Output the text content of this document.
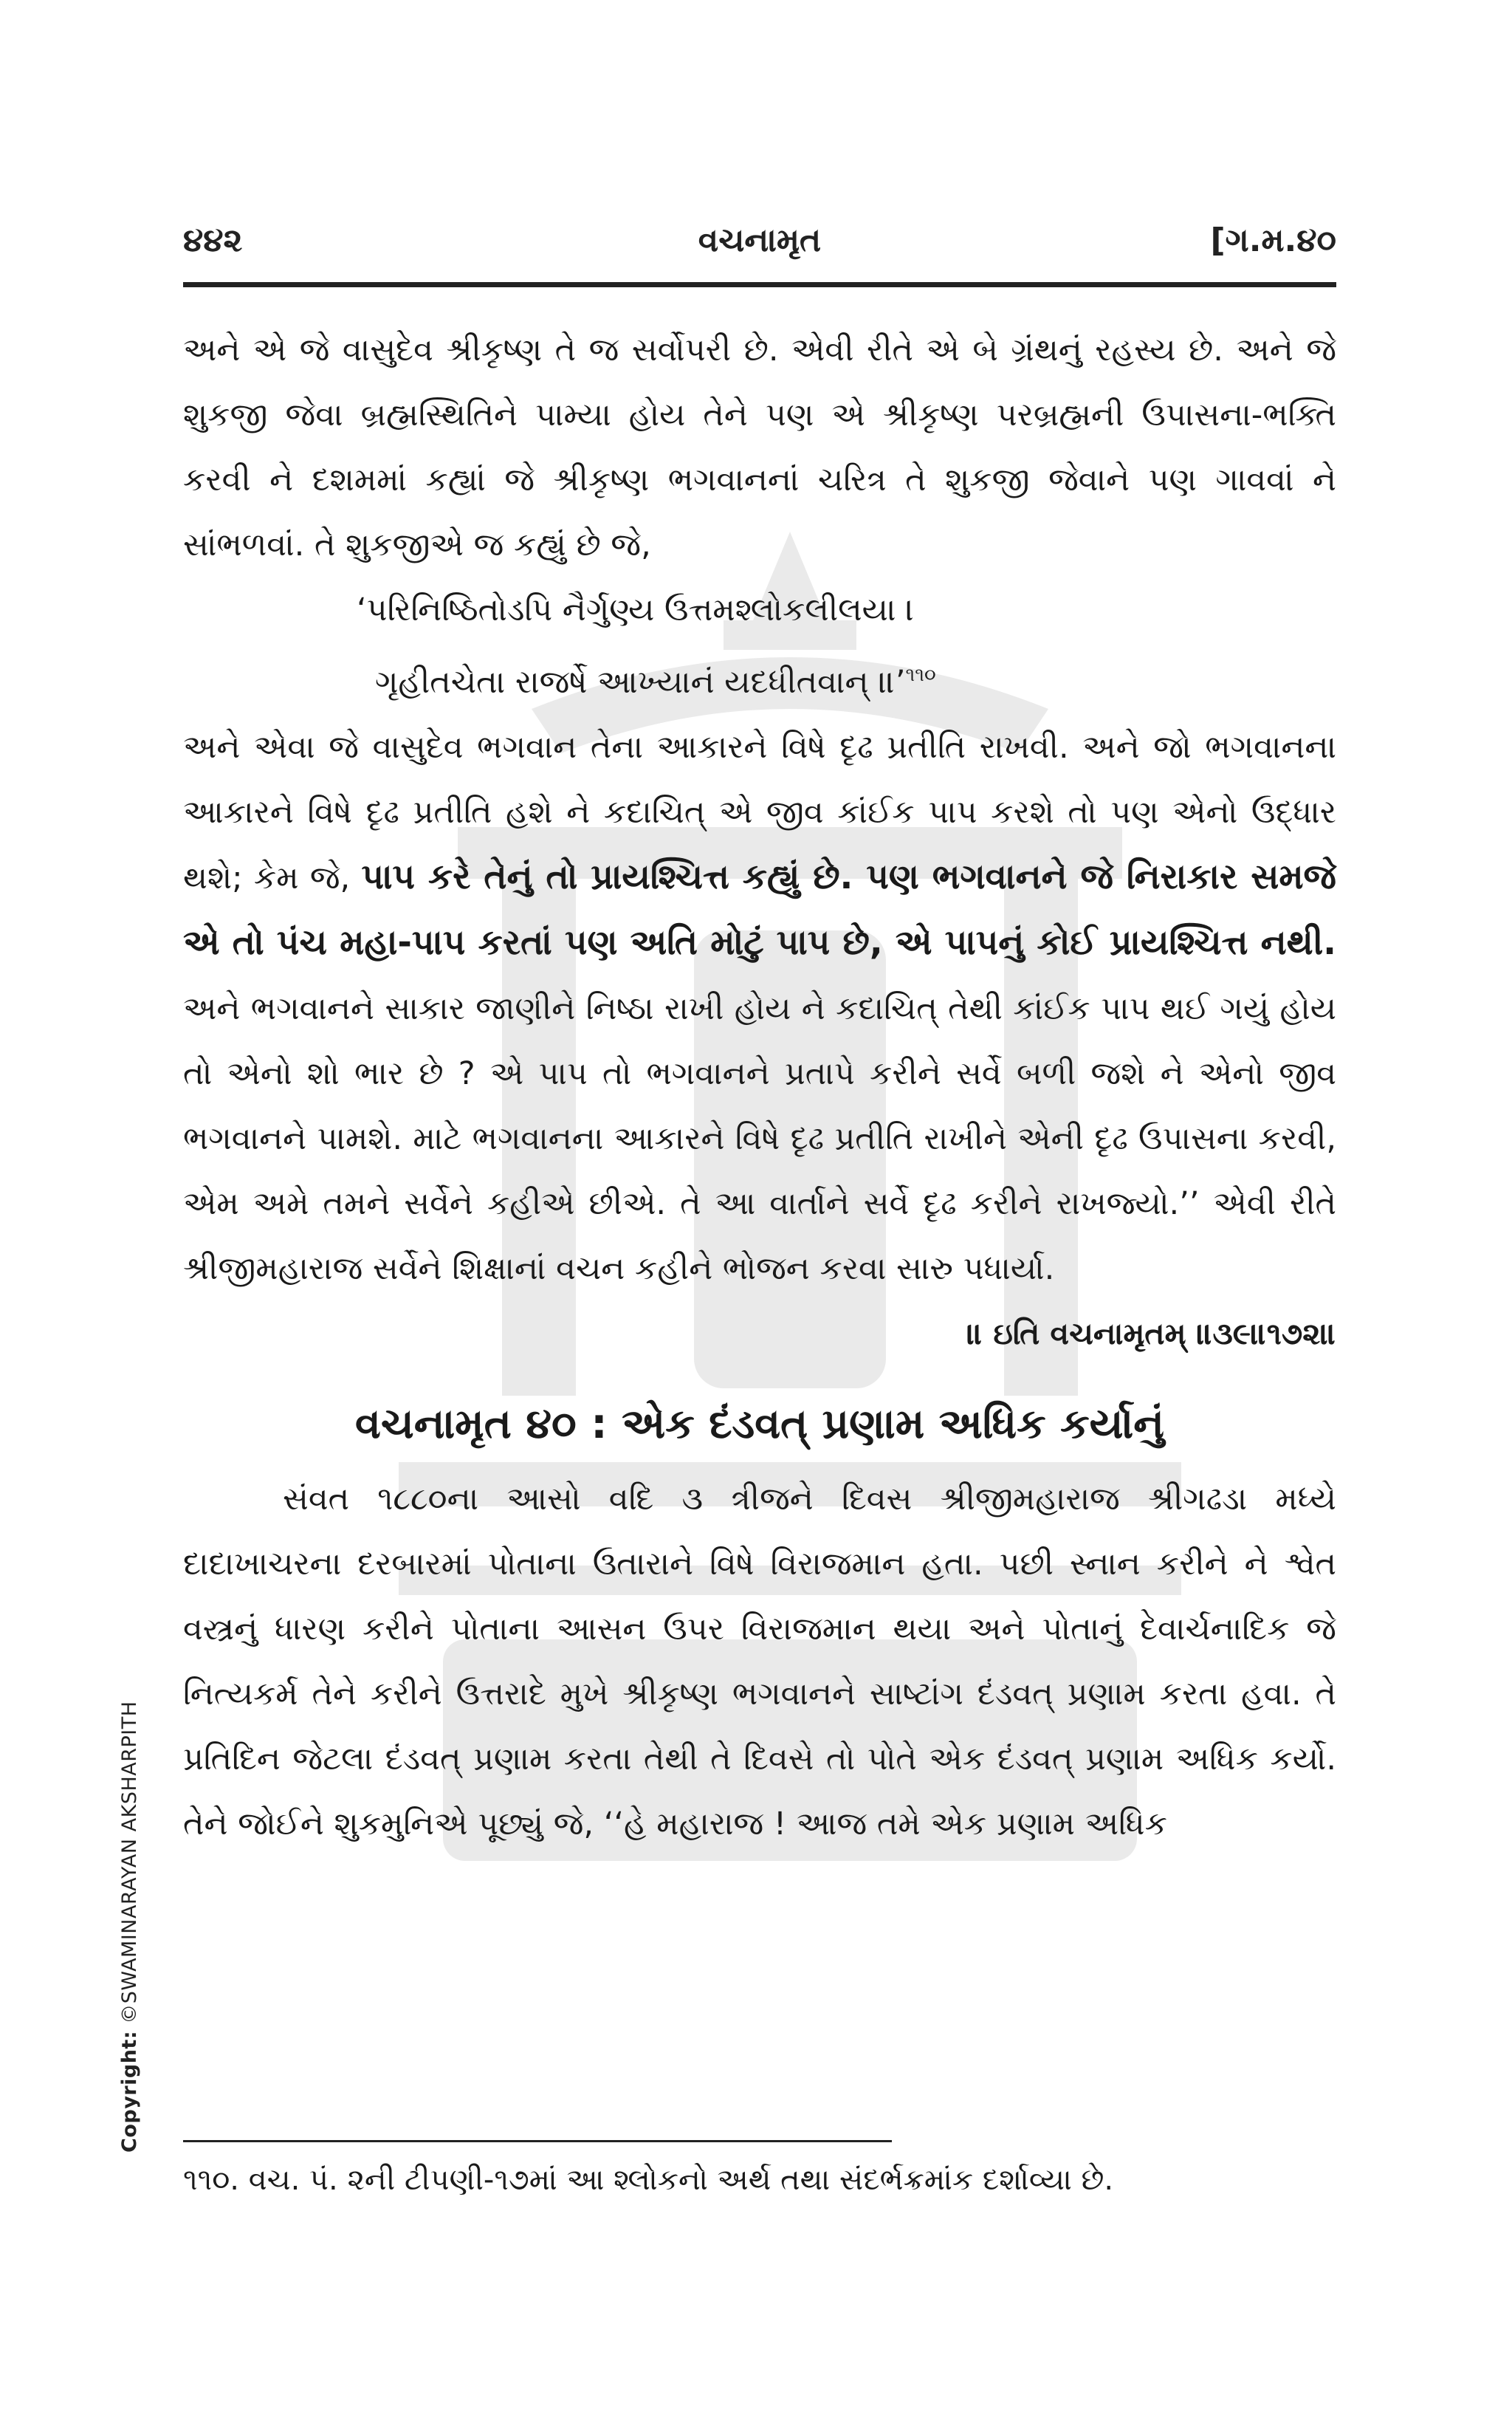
૪૪૨	વચનામૃત	[ગ.મ.૪૦

અને એ જે વાસુદેવ શ્રીકૃષ્ણ તે જ સર્વોપરી છે. એવી રીતે એ બે ગ્રંથનું રહસ્ય છે. અને જે શુકજી જેવા બ્રહ્મસ્થિતિને પામ્યા હોય તેને પણ એ શ્રીકૃષ્ણ પરબ્રહ્મની ઉપાસના-ભક્તિ કરવી ને દશમમાં કહ્યાં જે શ્રીકૃષ્ણ ભગવાનનાં ચરિત્ર તે શુકજી જેવાને પણ ગાવવાં ને સાંભળવાં. તે શુકજીએ જ કહ્યું છે જે,

‘પરિનિષ્ઠિતોડપિ નૈર્ગુણ્ય ઉત્તમશ્લોકલીલયા ।

ગૃહીતચેતા રાજર્ષે આખ્યાનં યદધીતવાન્ ॥’$^{૧૧૦}$

અને એવા જે વાસુદેવ ભગવાન તેના આકારને વિષે દૃઢ પ્રતીતિ રાખવી. અને જો ભગવાનના આકારને વિષે દૃઢ પ્રતીતિ હશે ને કદાચિત્ એ જીવ કાંઈક પાપ કરશે તો પણ એનો ઉદ્ધાર થશે; કેમ જે, પાપ કરે તેનું તો પ્રાયશ્ચિત્ત કહ્યું છે. પણ ભગવાનને જે નિરાકાર સમજે એ તો પંચ મહા-પાપ કરતાં પણ અતિ મોટું પાપ છે, એ પાપનું કોઈ પ્રાયશ્ચિત્ત નથી. અને ભગવાનને સાકાર જાણીને નિષ્ઠા રાખી હોય ને કદાચિત્ તેથી કાંઈક પાપ થઈ ગયું હોય તો એનો શો ભાર છે ? એ પાપ તો ભગવાનને પ્રતાપે કરીને સર્વે બળી જશે ને એનો જીવ ભગવાનને પામશે. માટે ભગવાનના આકારને વિષે દૃઢ પ્રતીતિ રાખીને એની દૃઢ ઉપાસના કરવી, એમ અમે તમને સર્વેને કહીએ છીએ. તે આ વાર્તાને સર્વે દૃઢ કરીને રાખજ્યો.’’ એવી રીતે શ્રીજીમહારાજ સર્વેને શિક્ષાનાં વચન કહીને ભોજન કરવા સારુ પધાર્યા.

॥ ઇતિ વચનામૃતમ્ ॥૩૯॥૧૭૨॥

વચનામૃત ૪૦ : એક દંડવત્ પ્રણામ અધિક કર્યાનું

સંવત ૧૮૮૦ના આસો વદિ ૩ ત્રીજને દિવસ શ્રીજીમહારાજ શ્રીગઢડા મધ્યે દાદાખાચરના દરબારમાં પોતાના ઉતારાને વિષે વિરાજમાન હતા. પછી સ્નાન કરીને ને શ્વેત વસ્ત્રનું ધારણ કરીને પોતાના આસન ઉપર વિરાજમાન થયા અને પોતાનું દેવાર્ચનાદિક જે નિત્યકર્મ તેને કરીને ઉત્તરાદે મુખે શ્રીકૃષ્ણ ભગવાનને સાષ્ટાંગ દંડવત્ પ્રણામ કરતા હવા. તે પ્રતિદિન જેટલા દંડવત્ પ્રણામ કરતા તેથી તે દિવસે તો પોતે એક દંડવત્ પ્રણામ અધિક કર્યો. તેને જોઈને શુકમુનિએ પૂછ્યું જે, ‘‘હે મહારાજ ! આજ તમે એક પ્રણામ અધિક

૧૧૦. વચ. પં. ૨ની ટીપણી-૧૭માં આ શ્લોકનો અર્થ તથા સંદર્ભક્રમાંક દર્શાવ્યા છે.
Copyright: ©SWAMINARAYAN AKSHARPITH
